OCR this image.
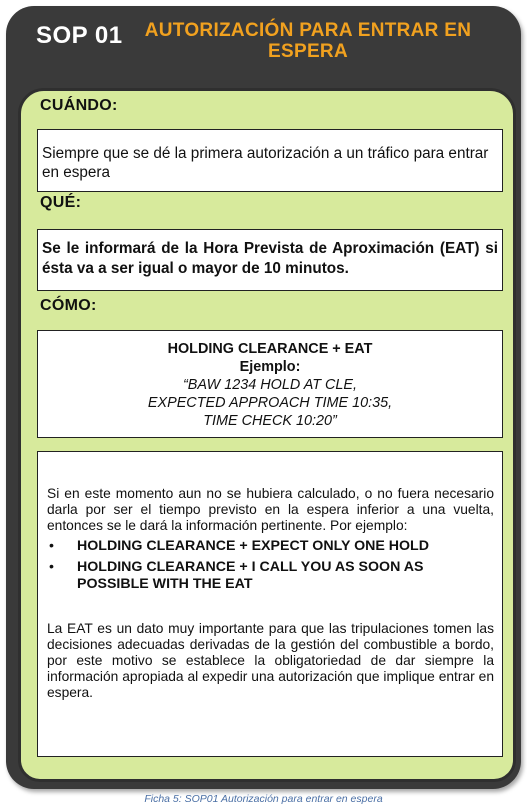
SOP 01	AUTORIZACIÓN PARA ENTRAR EN ESPERA
CUÁNDO:
Siempre que se dé la primera autorización a un tráfico para entrar en espera
QUÉ:
Se le informará de la Hora Prevista de Aproximación (EAT) si ésta va a ser igual o mayor de 10 minutos.
CÓMO:
HOLDING CLEARANCE + EAT
Ejemplo:
“BAW 1234 HOLD AT CLE,
EXPECTED APPROACH TIME 10:35,
TIME CHECK 10:20”
Si en este momento aun no se hubiera calculado, o no fuera necesario darla por ser el tiempo previsto en la espera inferior a una vuelta, entonces se le dará la información pertinente. Por ejemplo:
• HOLDING CLEARANCE + EXPECT ONLY ONE HOLD
• HOLDING CLEARANCE + I CALL YOU AS SOON AS POSSIBLE WITH THE EAT
La EAT es un dato muy importante para que las tripulaciones tomen las decisiones adecuadas derivadas de la gestión del combustible a bordo, por este motivo se establece la obligatoriedad de dar siempre la información apropiada al expedir una autorización que implique entrar en espera.
Ficha 5: SOP01 Autorización para entrar en espera
